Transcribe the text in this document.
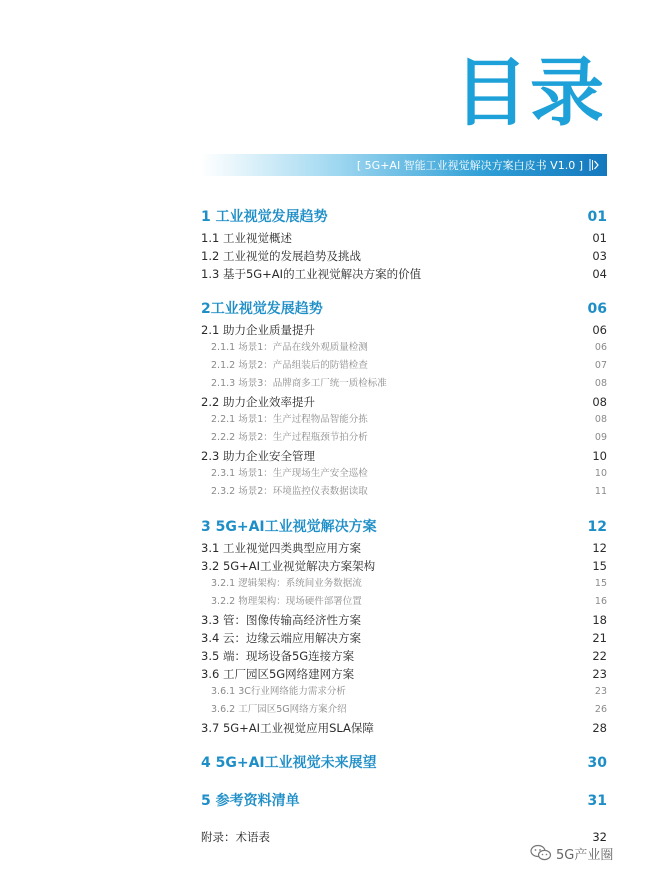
目录
[ 5G+AI 智能工业视觉解决方案白皮书 V1.0 ]
1 工业视觉发展趋势	01
1.1 工业视觉概述	01
1.2 工业视觉的发展趋势及挑战	03
1.3 基于5G+AI的工业视觉解决方案的价值	04
2工业视觉发展趋势	06
2.1 助力企业质量提升	06
2.1.1 场景1：产品在线外观质量检测	06
2.1.2 场景2：产品组装后的防错检查	07
2.1.3 场景3：品牌商多工厂统一质检标准	08
2.2 助力企业效率提升	08
2.2.1 场景1：生产过程物品智能分拣	08
2.2.2 场景2：生产过程瓶颈节拍分析	09
2.3 助力企业安全管理	10
2.3.1 场景1：生产现场生产安全巡检	10
2.3.2 场景2：环境监控仪表数据读取	11
3 5G+AI工业视觉解决方案	12
3.1 工业视觉四类典型应用方案	12
3.2 5G+AI工业视觉解决方案架构	15
3.2.1 逻辑架构：系统间业务数据流	15
3.2.2 物理架构：现场硬件部署位置	16
3.3 管：图像传输高经济性方案	18
3.4 云：边缘云端应用解决方案	21
3.5 端：现场设备5G连接方案	22
3.6 工厂园区5G网络建网方案	23
3.6.1 3C行业网络能力需求分析	23
3.6.2 工厂园区5G网络方案介绍	26
3.7 5G+AI工业视觉应用SLA保障	28
4 5G+AI工业视觉未来展望	30
5 参考资料清单	31
附录：术语表	32
5G产业圈
